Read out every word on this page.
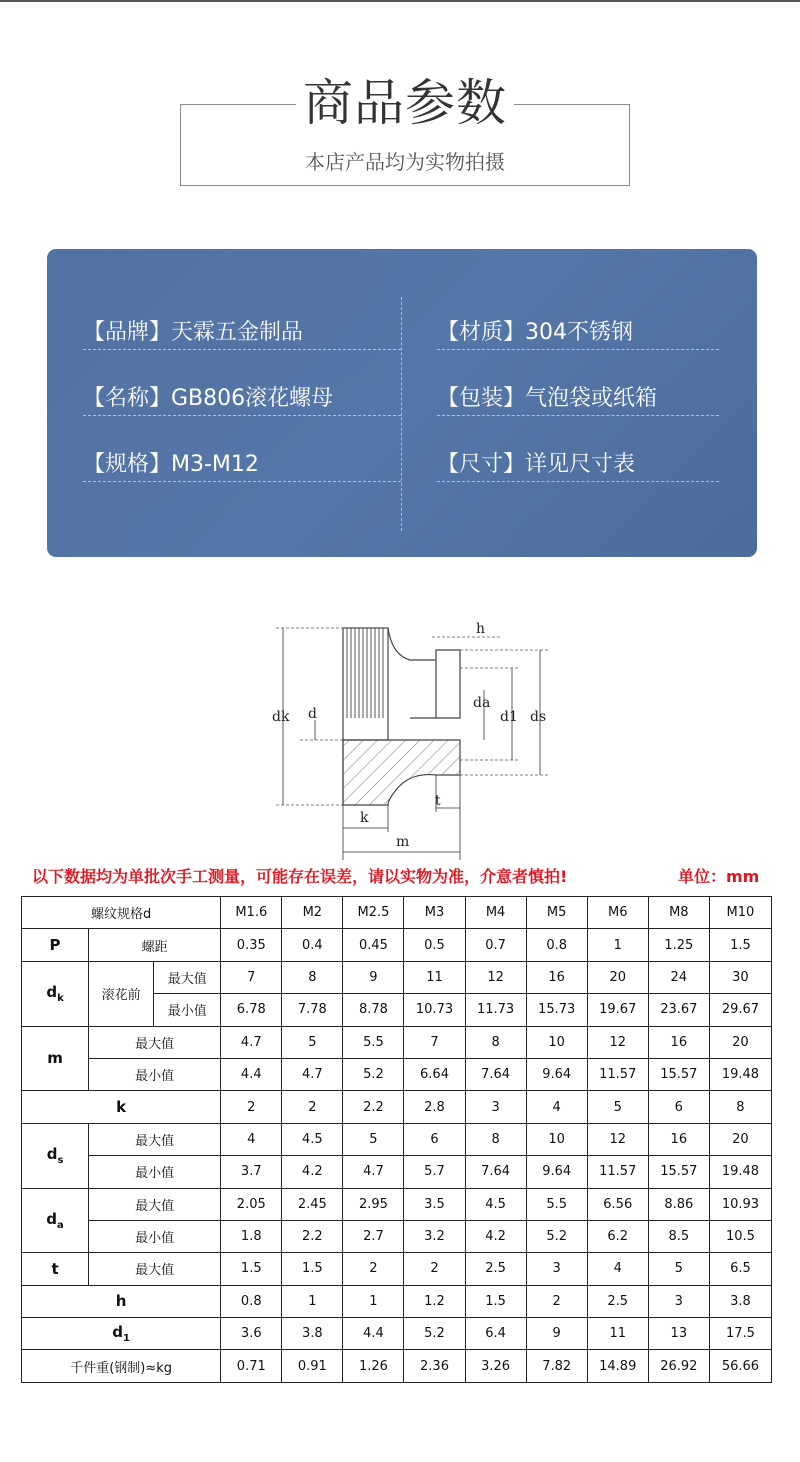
商品参数
本店产品均为实物拍摄
【品牌】天霖五金制品	【材质】304不锈钢
【名称】GB806滚花螺母	【包装】气泡袋或纸箱
【规格】M3-M12	【尺寸】详见尺寸表
h
dk d
da
d1 ds
k
t
m
以下数据均为单批次手工测量，可能存在误差，请以实物为准，介意者慎拍!	单位：mm
螺纹规格d			M1.6	M2	M2.5	M3	M4	M5	M6	M8	M10
P	螺距		0.35	0.4	0.45	0.5	0.7	0.8	1	1.25	1.5
$d_k$	滚花前	最大值	7	8	9	11	12	16	20	24	30
		最小值	6.78	7.78	8.78	10.73	11.73	15.73	19.67	23.67	29.67
m	最大值		4.7	5	5.5	7	8	10	12	16	20
	最小值		4.4	4.7	5.2	6.64	7.64	9.64	11.57	15.57	19.48
k			2	2	2.2	2.8	3	4	5	6	8
$d_s$	最大值		4	4.5	5	6	8	10	12	16	20
	最小值		3.7	4.2	4.7	5.7	7.64	9.64	11.57	15.57	19.48
$d_a$	最大值		2.05	2.45	2.95	3.5	4.5	5.5	6.56	8.86	10.93
	最小值		1.8	2.2	2.7	3.2	4.2	5.2	6.2	8.5	10.5
t	最大值		1.5	1.5	2	2	2.5	3	4	5	6.5
h			0.8	1	1	1.2	1.5	2	2.5	3	3.8
$d_1$			3.6	3.8	4.4	5.2	6.4	9	11	13	17.5
千件重(钢制)≈kg			0.71	0.91	1.26	2.36	3.26	7.82	14.89	26.92	56.66
